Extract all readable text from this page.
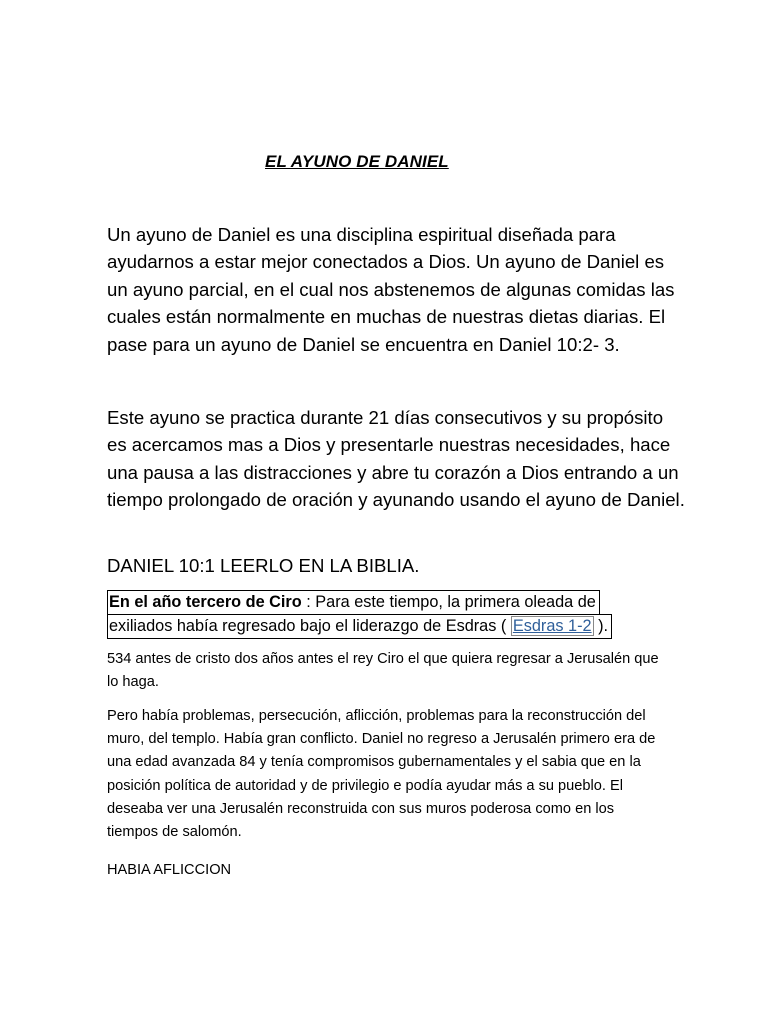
EL AYUNO DE DANIEL

Un ayuno de Daniel es una disciplina espiritual diseñada para ayudarnos a estar mejor conectados a Dios. Un ayuno de Daniel es un ayuno parcial, en el cual nos abstenemos de algunas comidas las cuales están normalmente en muchas de nuestras dietas diarias. El pase para un ayuno de Daniel se encuentra en Daniel 10:2- 3.

Este ayuno se practica durante 21 días consecutivos y su propósito es acercamos mas a Dios y presentarle nuestras necesidades, hace una pausa a las distracciones y abre tu corazón a Dios entrando a un tiempo prolongado de oración y ayunando usando el ayuno de Daniel.

DANIEL 10:1 LEERLO EN LA BIBLIA.

En el año tercero de Ciro : Para este tiempo, la primera oleada de
exiliados había regresado bajo el liderazgo de Esdras ( Esdras 1-2 ).

534 antes de cristo dos años antes el rey Ciro el que quiera regresar a Jerusalén que lo haga.

Pero había problemas, persecución, aflicción, problemas para la reconstrucción del muro, del templo. Había gran conflicto. Daniel no regreso a Jerusalén primero era de una edad avanzada 84 y tenía compromisos gubernamentales y el sabia que en la posición política de autoridad y de privilegio e podía ayudar más a su pueblo. El deseaba ver una Jerusalén reconstruida con sus muros poderosa como en los tiempos de salomón.

HABIA AFLICCION
